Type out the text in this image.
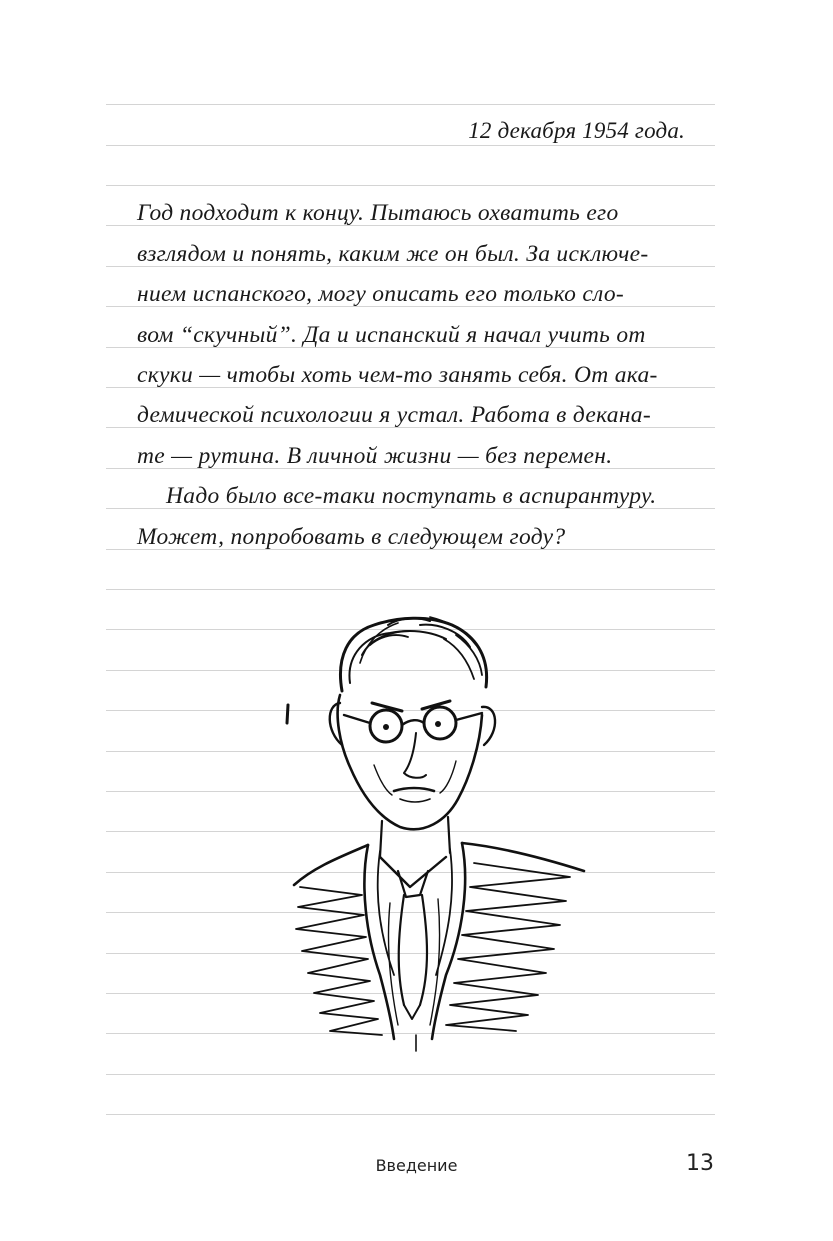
12 декабря 1954 года.
Год подходит к концу. Пытаюсь охватить его
взглядом и понять, каким же он был. За исключе-
нием испанского, могу описать его только сло-
вом “скучный”. Да и испанский я начал учить от
скуки — чтобы хоть чем-то занять себя. От ака-
демической психологии я устал. Работа в декана-
те — рутина. В личной жизни — без перемен.
Надо было все-таки поступать в аспирантуру.
Может, попробовать в следующем году?
Введение	13
